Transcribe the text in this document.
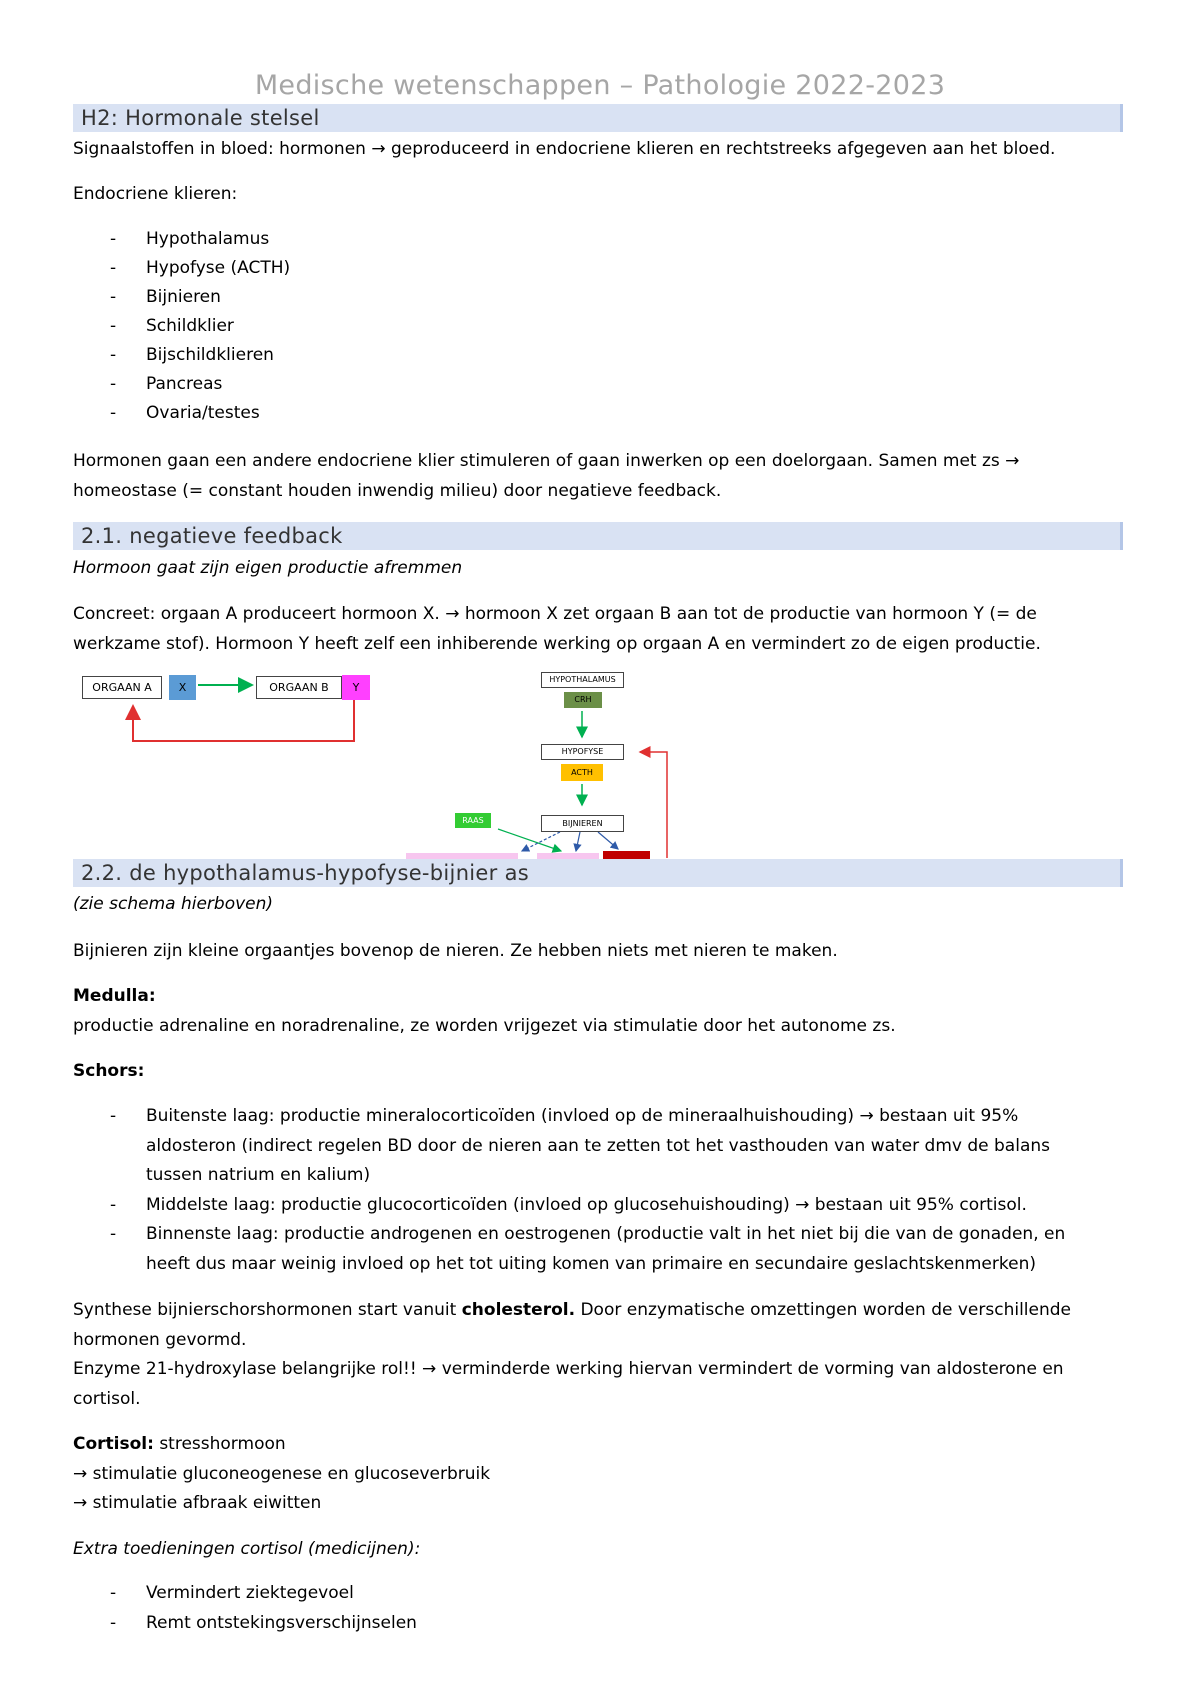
Medische wetenschappen – Pathologie 2022-2023
H2: Hormonale stelsel
Signaalstoffen in bloed: hormonen → geproduceerd in endocriene klieren en rechtstreeks afgegeven aan het bloed.
Endocriene klieren:
- Hypothalamus
- Hypofyse (ACTH)
- Bijnieren
- Schildklier
- Bijschildklieren
- Pancreas
- Ovaria/testes
Hormonen gaan een andere endocriene klier stimuleren of gaan inwerken op een doelorgaan. Samen met zs →
homeostase (= constant houden inwendig milieu) door negatieve feedback.
2.1. negatieve feedback
Hormoon gaat zijn eigen productie afremmen
Concreet: orgaan A produceert hormoon X. → hormoon X zet orgaan B aan tot de productie van hormoon Y (= de
werkzame stof). Hormoon Y heeft zelf een inhiberende werking op orgaan A en vermindert zo de eigen productie.
ORGAAN A	X	ORGAAN B	Y
HYPOTHALAMUS
CRH
HYPOFYSE
ACTH
RAAS	BIJNIEREN
2.2. de hypothalamus-hypofyse-bijnier as
(zie schema hierboven)
Bijnieren zijn kleine orgaantjes bovenop de nieren. Ze hebben niets met nieren te maken.
Medulla:
productie adrenaline en noradrenaline, ze worden vrijgezet via stimulatie door het autonome zs.
Schors:
- Buitenste laag: productie mineralocorticoïden (invloed op de mineraalhuishouding) → bestaan uit 95%
aldosteron (indirect regelen BD door de nieren aan te zetten tot het vasthouden van water dmv de balans
tussen natrium en kalium)
- Middelste laag: productie glucocorticoïden (invloed op glucosehuishouding) → bestaan uit 95% cortisol.
- Binnenste laag: productie androgenen en oestrogenen (productie valt in het niet bij die van de gonaden, en
heeft dus maar weinig invloed op het tot uiting komen van primaire en secundaire geslachtskenmerken)
Synthese bijnierschorshormonen start vanuit cholesterol. Door enzymatische omzettingen worden de verschillende
hormonen gevormd.
Enzyme 21-hydroxylase belangrijke rol!! → verminderde werking hiervan vermindert de vorming van aldosterone en
cortisol.
Cortisol: stresshormoon
→ stimulatie gluconeogenese en glucoseverbruik
→ stimulatie afbraak eiwitten
Extra toedieningen cortisol (medicijnen):
- Vermindert ziektegevoel
- Remt ontstekingsverschijnselen
